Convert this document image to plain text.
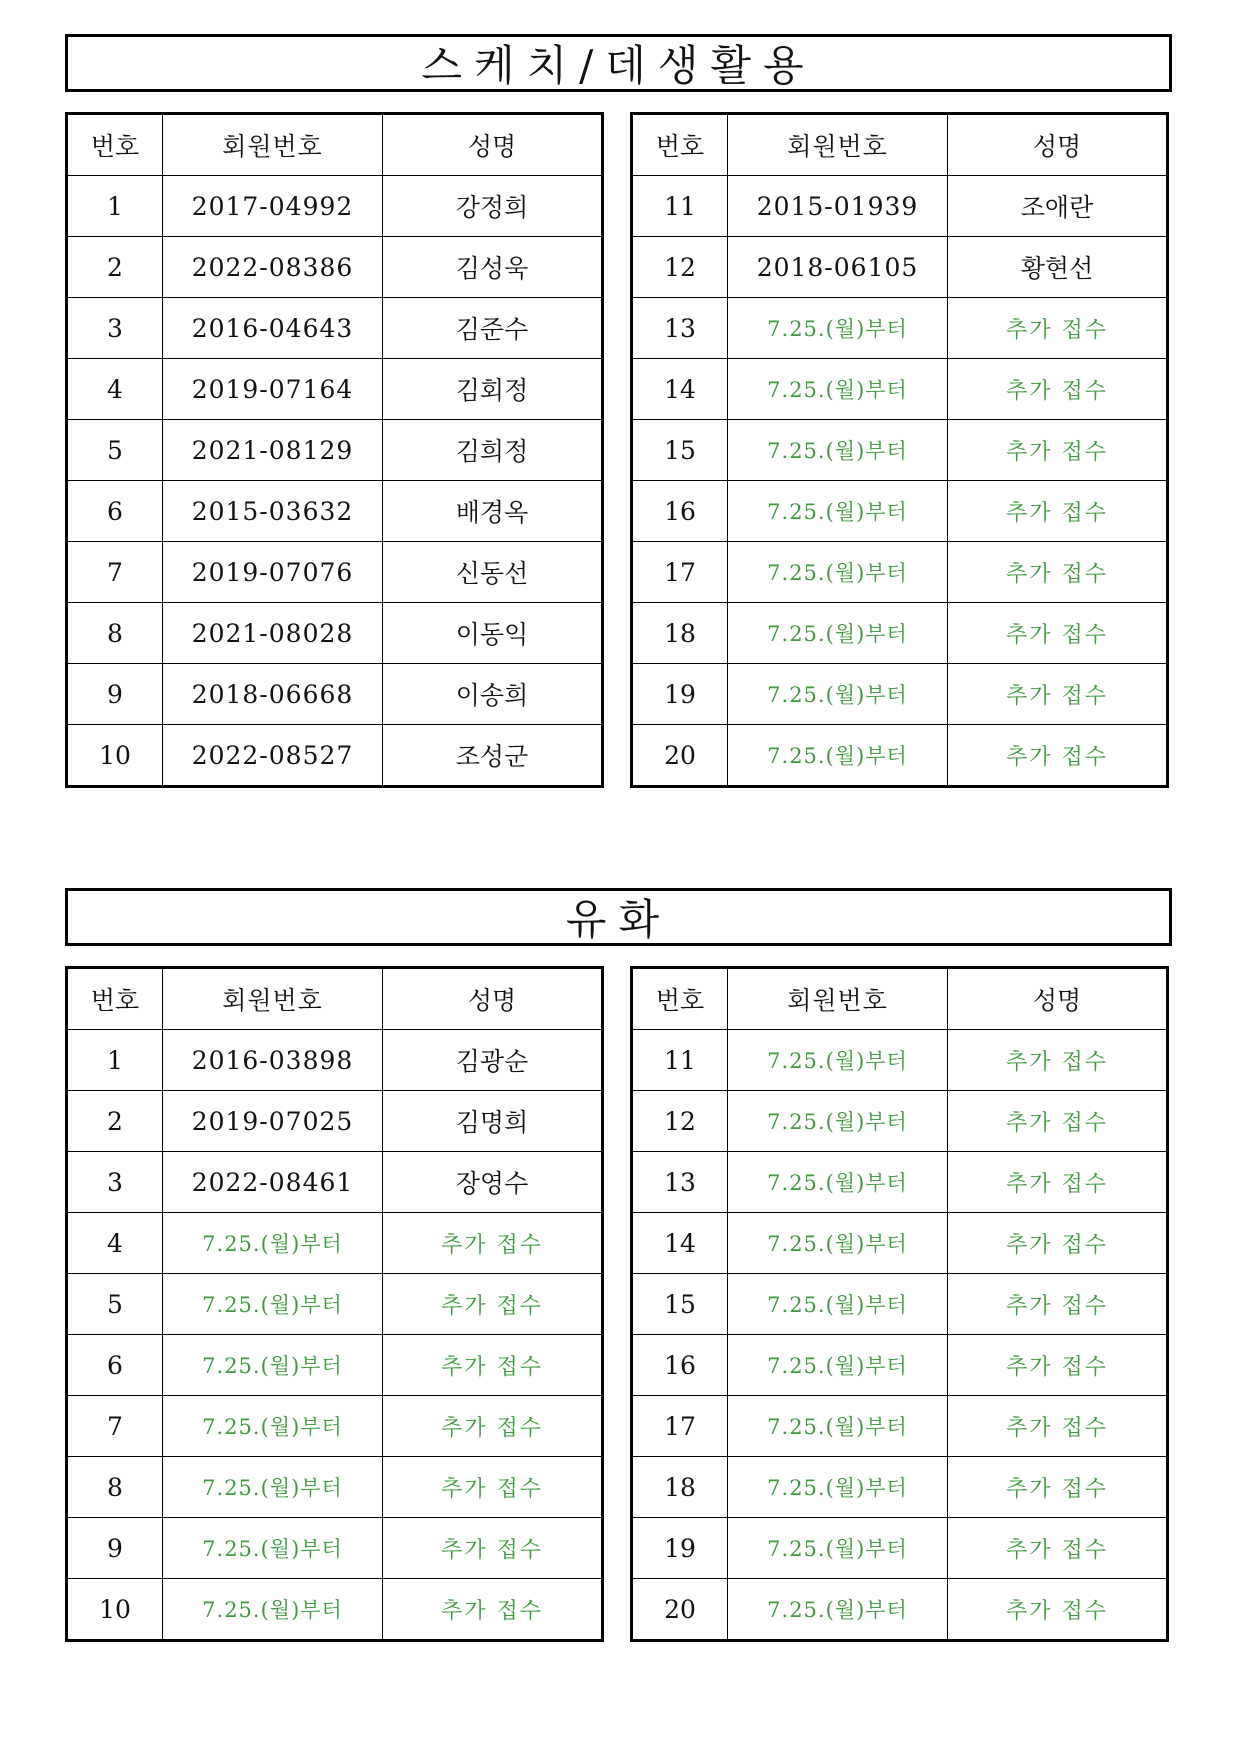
스케치/데생활용
번호	회원번호	성명
1	2017-04992	강정희
2	2022-08386	김성욱
3	2016-04643	김준수
4	2019-07164	김회정
5	2021-08129	김희정
6	2015-03632	배경옥
7	2019-07076	신동선
8	2021-08028	이동익
9	2018-06668	이송희
10	2022-08527	조성군
번호	회원번호	성명
11	2015-01939	조애란
12	2018-06105	황현선
13	7.25.(월)부터	추가 접수
14	7.25.(월)부터	추가 접수
15	7.25.(월)부터	추가 접수
16	7.25.(월)부터	추가 접수
17	7.25.(월)부터	추가 접수
18	7.25.(월)부터	추가 접수
19	7.25.(월)부터	추가 접수
20	7.25.(월)부터	추가 접수
유화
번호	회원번호	성명
1	2016-03898	김광순
2	2019-07025	김명희
3	2022-08461	장영수
4	7.25.(월)부터	추가 접수
5	7.25.(월)부터	추가 접수
6	7.25.(월)부터	추가 접수
7	7.25.(월)부터	추가 접수
8	7.25.(월)부터	추가 접수
9	7.25.(월)부터	추가 접수
10	7.25.(월)부터	추가 접수
번호	회원번호	성명
11	7.25.(월)부터	추가 접수
12	7.25.(월)부터	추가 접수
13	7.25.(월)부터	추가 접수
14	7.25.(월)부터	추가 접수
15	7.25.(월)부터	추가 접수
16	7.25.(월)부터	추가 접수
17	7.25.(월)부터	추가 접수
18	7.25.(월)부터	추가 접수
19	7.25.(월)부터	추가 접수
20	7.25.(월)부터	추가 접수
